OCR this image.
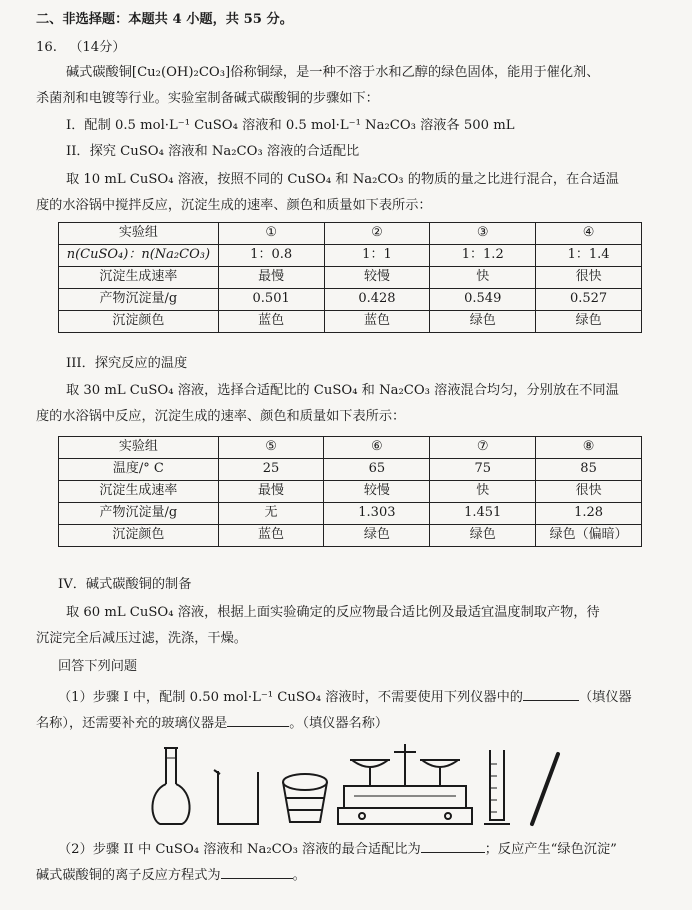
二、非选择题：本题共 4 小题，共 55 分。
16. （14分）
碱式碳酸铜[Cu₂(OH)₂CO₃]俗称铜绿，是一种不溶于水和乙醇的绿色固体，能用于催化剂、
杀菌剂和电镀等行业。实验室制备碱式碳酸铜的步骤如下：
I．配制 0.5 mol·L⁻¹ CuSO₄ 溶液和 0.5 mol·L⁻¹ Na₂CO₃ 溶液各 500 mL
II．探究 CuSO₄ 溶液和 Na₂CO₃ 溶液的合适配比
取 10 mL CuSO₄ 溶液，按照不同的 CuSO₄ 和 Na₂CO₃ 的物质的量之比进行混合，在合适温
度的水浴锅中搅拌反应，沉淀生成的速率、颜色和质量如下表所示：
实验组	①	②	③	④
n(CuSO₄)：n(Na₂CO₃)	1：0.8	1：1	1：1.2	1：1.4
沉淀生成速率	最慢	较慢	快	很快
产物沉淀量/g	0.501	0.428	0.549	0.527
沉淀颜色	蓝色	蓝色	绿色	绿色
III．探究反应的温度
取 30 mL CuSO₄ 溶液，选择合适配比的 CuSO₄ 和 Na₂CO₃ 溶液混合均匀，分别放在不同温
度的水浴锅中反应，沉淀生成的速率、颜色和质量如下表所示：
实验组	⑤	⑥	⑦	⑧
温度/° C	25	65	75	85
沉淀生成速率	最慢	较慢	快	很快
产物沉淀量/g	无	1.303	1.451	1.28
沉淀颜色	蓝色	绿色	绿色	绿色（偏暗）
IV．碱式碳酸铜的制备
取 60 mL CuSO₄ 溶液，根据上面实验确定的反应物最合适比例及最适宜温度制取产物，待
沉淀完全后减压过滤，洗涤，干燥。
回答下列问题
（1）步骤 I 中，配制 0.50 mol·L⁻¹ CuSO₄ 溶液时，不需要使用下列仪器中的	（填仪器
名称），还需要补充的玻璃仪器是	。（填仪器名称）
（2）步骤 II 中 CuSO₄ 溶液和 Na₂CO₃ 溶液的最合适配比为	；反应产生“绿色沉淀”
碱式碳酸铜的离子反应方程式为	。
